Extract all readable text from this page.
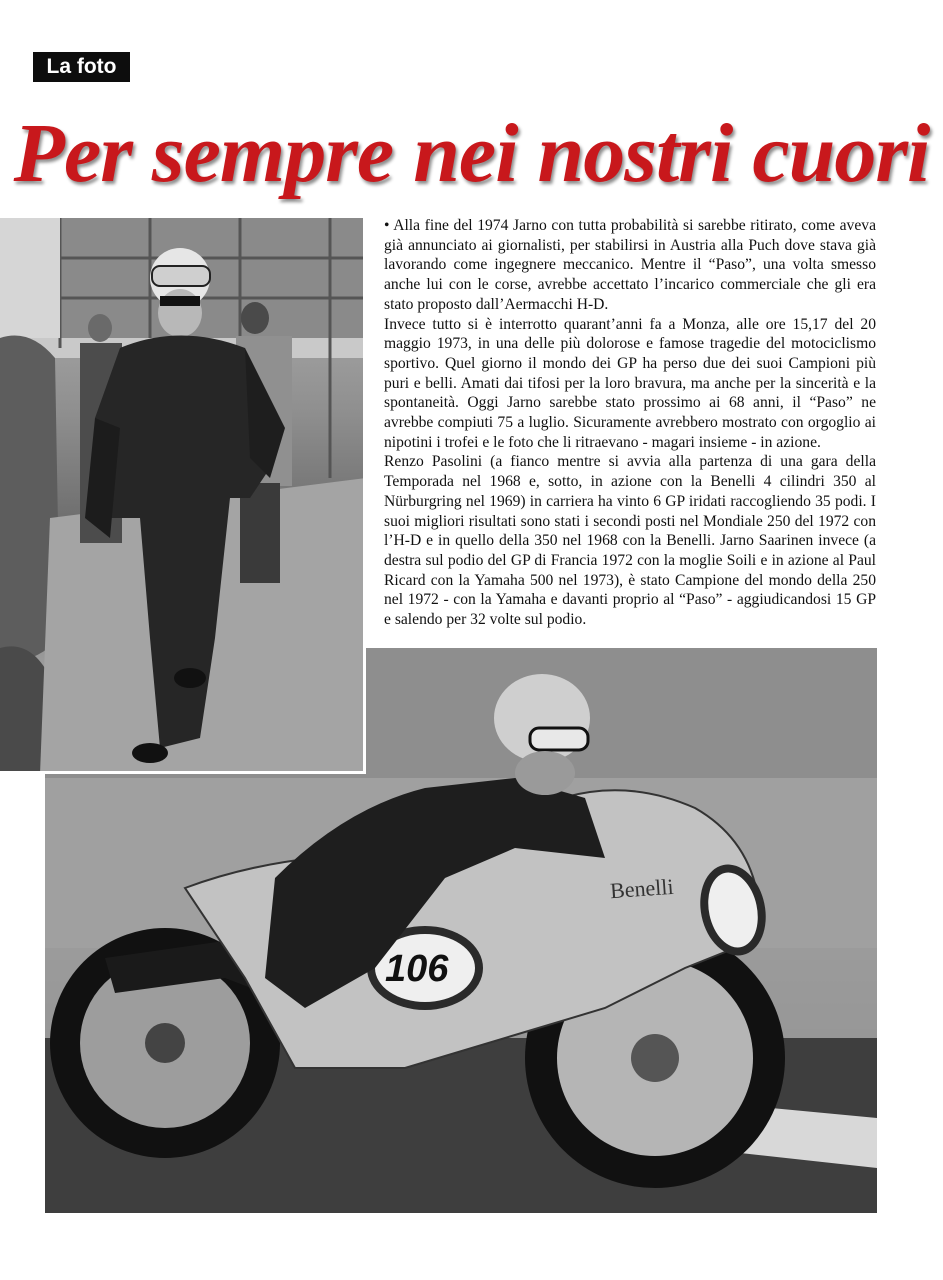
La foto
Per sempre nei nostri cuori
Benelli
106

• Alla fine del 1974 Jarno con tutta probabilità si sarebbe ritirato, come aveva già annunciato ai giornalisti, per stabilirsi in Austria alla Puch dove stava già lavorando come ingegnere meccanico. Mentre il “Paso”, una volta smesso anche lui con le corse, avrebbe accettato l’incarico commerciale che gli era stato proposto dall’Aermacchi H-D.

Invece tutto si è interrotto quarant’anni fa a Monza, alle ore 15,17 del 20 maggio 1973, in una delle più dolorose e famose tragedie del motociclismo sportivo. Quel giorno il mondo dei GP ha perso due dei suoi Campioni più puri e belli. Amati dai tifosi per la loro bravura, ma anche per la sincerità e la spontaneità. Oggi Jarno sarebbe stato prossimo ai 68 anni, il “Paso” ne avrebbe compiuti 75 a luglio. Sicuramente avrebbero mostrato con orgoglio ai nipotini i trofei e le foto che li ritraevano - magari insieme - in azione.

Renzo Pasolini (a fianco mentre si avvia alla partenza di una gara della Temporada nel 1968 e, sotto, in azione con la Benelli 4 cilindri 350 al Nürburgring nel 1969) in carriera ha vinto 6 GP iridati raccogliendo 35 podi. I suoi migliori risultati sono stati i secondi posti nel Mondiale 250 del 1972 con l’H-D e in quello della 350 nel 1968 con la Benelli. Jarno Saarinen invece (a destra sul podio del GP di Francia 1972 con la moglie Soili e in azione al Paul Ricard con la Yamaha 500 nel 1973), è stato Campione del mondo della 250 nel 1972 - con la Yamaha e davanti proprio al “Paso” - aggiudicandosi 15 GP e salendo per 32 volte sul podio.
